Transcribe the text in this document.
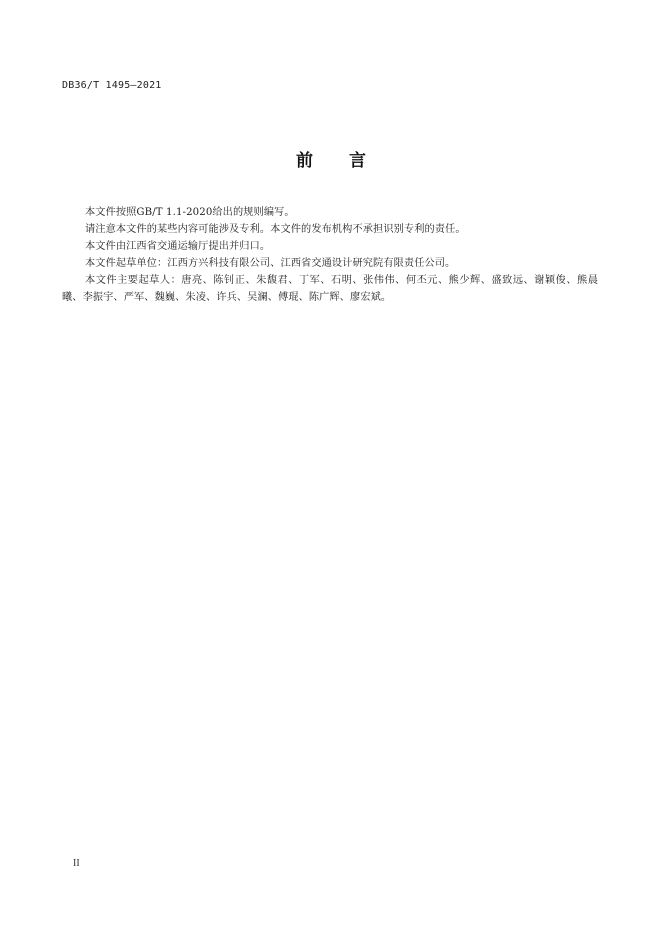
DB36/T 1495—2021
前 言

本文件按照GB/T 1.1-2020给出的规则编写。

请注意本文件的某些内容可能涉及专利。本文件的发布机构不承担识别专利的责任。

本文件由江西省交通运输厅提出并归口。

本文件起草单位：江西方兴科技有限公司、江西省交通设计研究院有限责任公司。

本文件主要起草人：唐亮、陈钊正、朱馥君、丁军、石明、张伟伟、何丕元、熊少辉、盛致远、谢颖俊、熊晨曦、李振宇、严军、魏巍、朱凌、许兵、吴澜、傅琨、陈广辉、廖宏斌。

II
